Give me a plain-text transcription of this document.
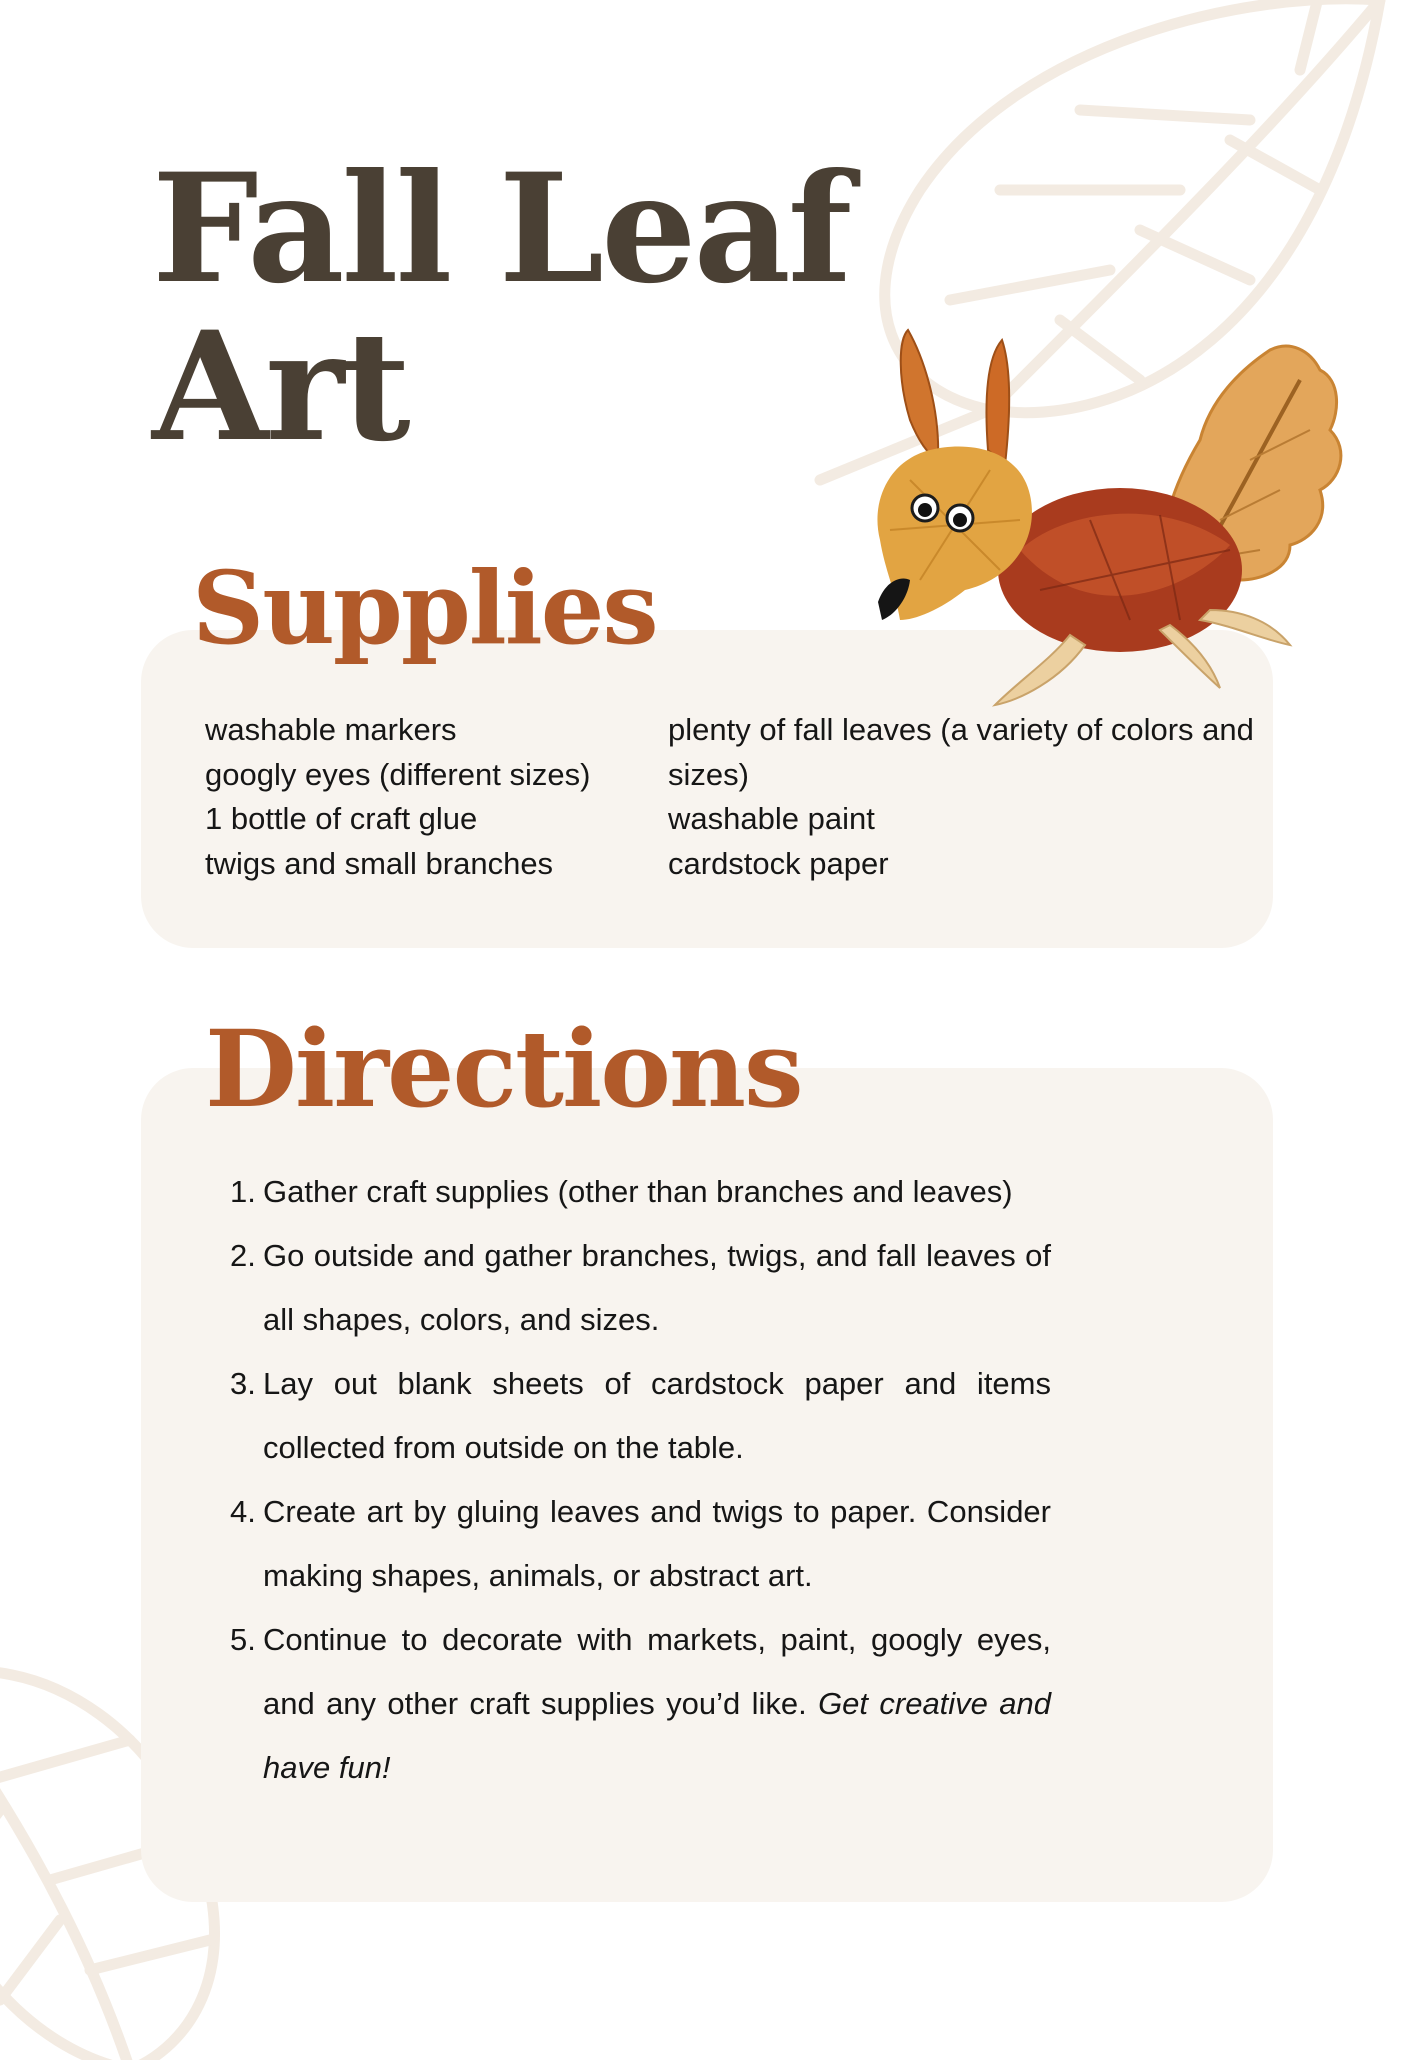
Fall Leaf
Art
Supplies
washable markers
googly eyes (different sizes)
1 bottle of craft glue
twigs and small branches
plenty of fall leaves (a variety of colors and sizes)
washable paint
cardstock paper
Directions
1. Gather craft supplies (other than branches and leaves)
2. Go outside and gather branches, twigs, and fall leaves of all shapes, colors, and sizes.
3. Lay out blank sheets of cardstock paper and items collected from outside on the table.
4. Create art by gluing leaves and twigs to paper. Consider making shapes, animals, or abstract art.
5. Continue to decorate with markets, paint, googly eyes, and any other craft supplies you’d like. Get creative and have fun!
